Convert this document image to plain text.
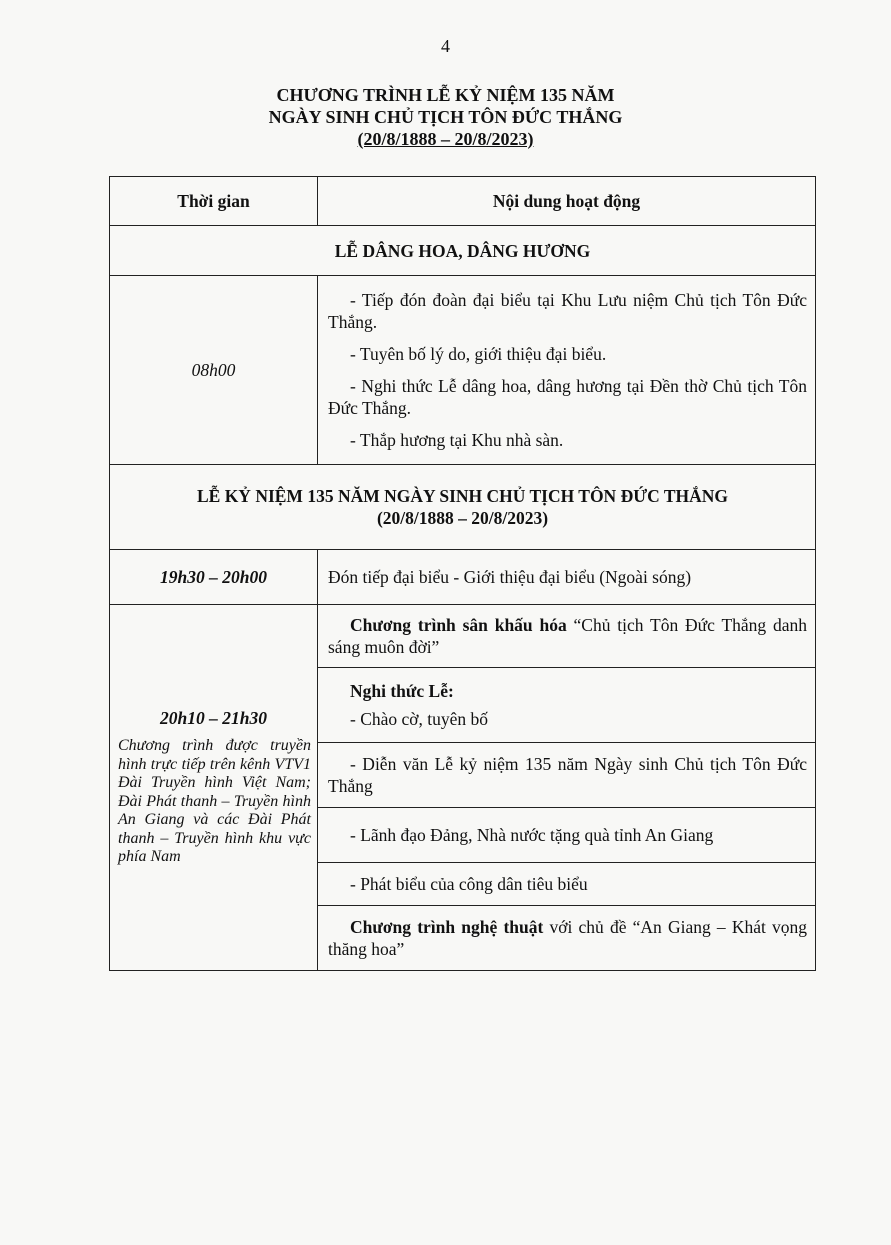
4
CHƯƠNG TRÌNH LỄ KỶ NIỆM 135 NĂM
NGÀY SINH CHỦ TỊCH TÔN ĐỨC THẮNG
(20/8/1888 – 20/8/2023)
Thời gian	Nội dung hoạt động
LỄ DÂNG HOA, DÂNG HƯƠNG	
08h00	- Tiếp đón đoàn đại biểu tại Khu Lưu niệm Chủ tịch Tôn Đức Thắng.

- Tuyên bố lý do, giới thiệu đại biểu.

- Nghi thức Lễ dâng hoa, dâng hương tại Đền thờ Chủ tịch Tôn Đức Thắng.

- Thắp hương tại Khu nhà sàn.

LỄ KỶ NIỆM 135 NĂM NGÀY SINH CHỦ TỊCH TÔN ĐỨC THẮNG
(20/8/1888 – 20/8/2023)	

19h30 – 20h00	Đón tiếp đại biểu - Giới thiệu đại biểu (Ngoài sóng)

20h10 – 21h30
Chương trình được truyền hình trực tiếp trên kênh VTV1 Đài Truyền hình Việt Nam; Đài Phát thanh – Truyền hình An Giang và các Đài Phát thanh – Truyền hình khu vực phía Nam	Chương trình sân khấu hóa “Chủ tịch Tôn Đức Thắng danh sáng muôn đời”

	Nghi thức Lễ:

- Chào cờ, tuyên bố

	- Diễn văn Lễ kỷ niệm 135 năm Ngày sinh Chủ tịch Tôn Đức Thắng

	- Lãnh đạo Đảng, Nhà nước tặng quà tỉnh An Giang

	- Phát biểu của công dân tiêu biểu

	Chương trình nghệ thuật với chủ đề “An Giang – Khát vọng thăng hoa”
